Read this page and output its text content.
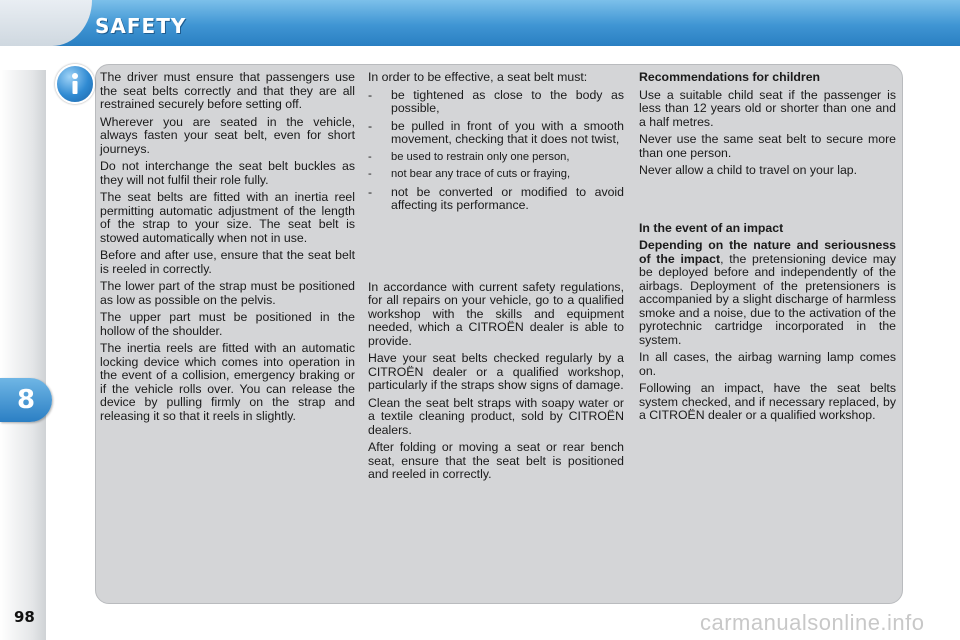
SAFETY
8
98

The driver must ensure that passengers use the seat belts correctly and that they are all restrained securely before setting off.

Wherever you are seated in the vehicle, always fasten your seat belt, even for short journeys.

Do not interchange the seat belt buckles as they will not fulfil their role fully.

The seat belts are fitted with an inertia reel permitting automatic adjustment of the length of the strap to your size. The seat belt is stowed automatically when not in use.

Before and after use, ensure that the seat belt is reeled in correctly.

The lower part of the strap must be positioned as low as possible on the pelvis.

The upper part must be positioned in the hollow of the shoulder.

The inertia reels are fitted with an automatic locking device which comes into operation in the event of a collision, emergency braking or if the vehicle rolls over. You can release the device by pulling firmly on the strap and releasing it so that it reels in slightly.

In order to be effective, a seat belt must:

- be tightened as close to the body as possible,
- be pulled in front of you with a smooth movement, checking that it does not twist,
- be used to restrain only one person,
- not bear any trace of cuts or fraying,
- not be converted or modified to avoid affecting its performance.

In accordance with current safety regulations, for all repairs on your vehicle, go to a qualified workshop with the skills and equipment needed, which a CITROËN dealer is able to provide.

Have your seat belts checked regularly by a CITROËN dealer or a qualified workshop, particularly if the straps show signs of damage.

Clean the seat belt straps with soapy water or a textile cleaning product, sold by CITROËN dealers.

After folding or moving a seat or rear bench seat, ensure that the seat belt is positioned and reeled in correctly.

Recommendations for children

Use a suitable child seat if the passenger is less than 12 years old or shorter than one and a half metres.

Never use the same seat belt to secure more than one person.

Never allow a child to travel on your lap.

In the event of an impact

Depending on the nature and seriousness of the impact, the pretensioning device may be deployed before and independently of the airbags. Deployment of the pretensioners is accompanied by a slight discharge of harmless smoke and a noise, due to the activation of the pyrotechnic cartridge incorporated in the system.

In all cases, the airbag warning lamp comes on.

Following an impact, have the seat belts system checked, and if necessary replaced, by a CITROËN dealer or a qualified workshop.

carmanualsonline.info
